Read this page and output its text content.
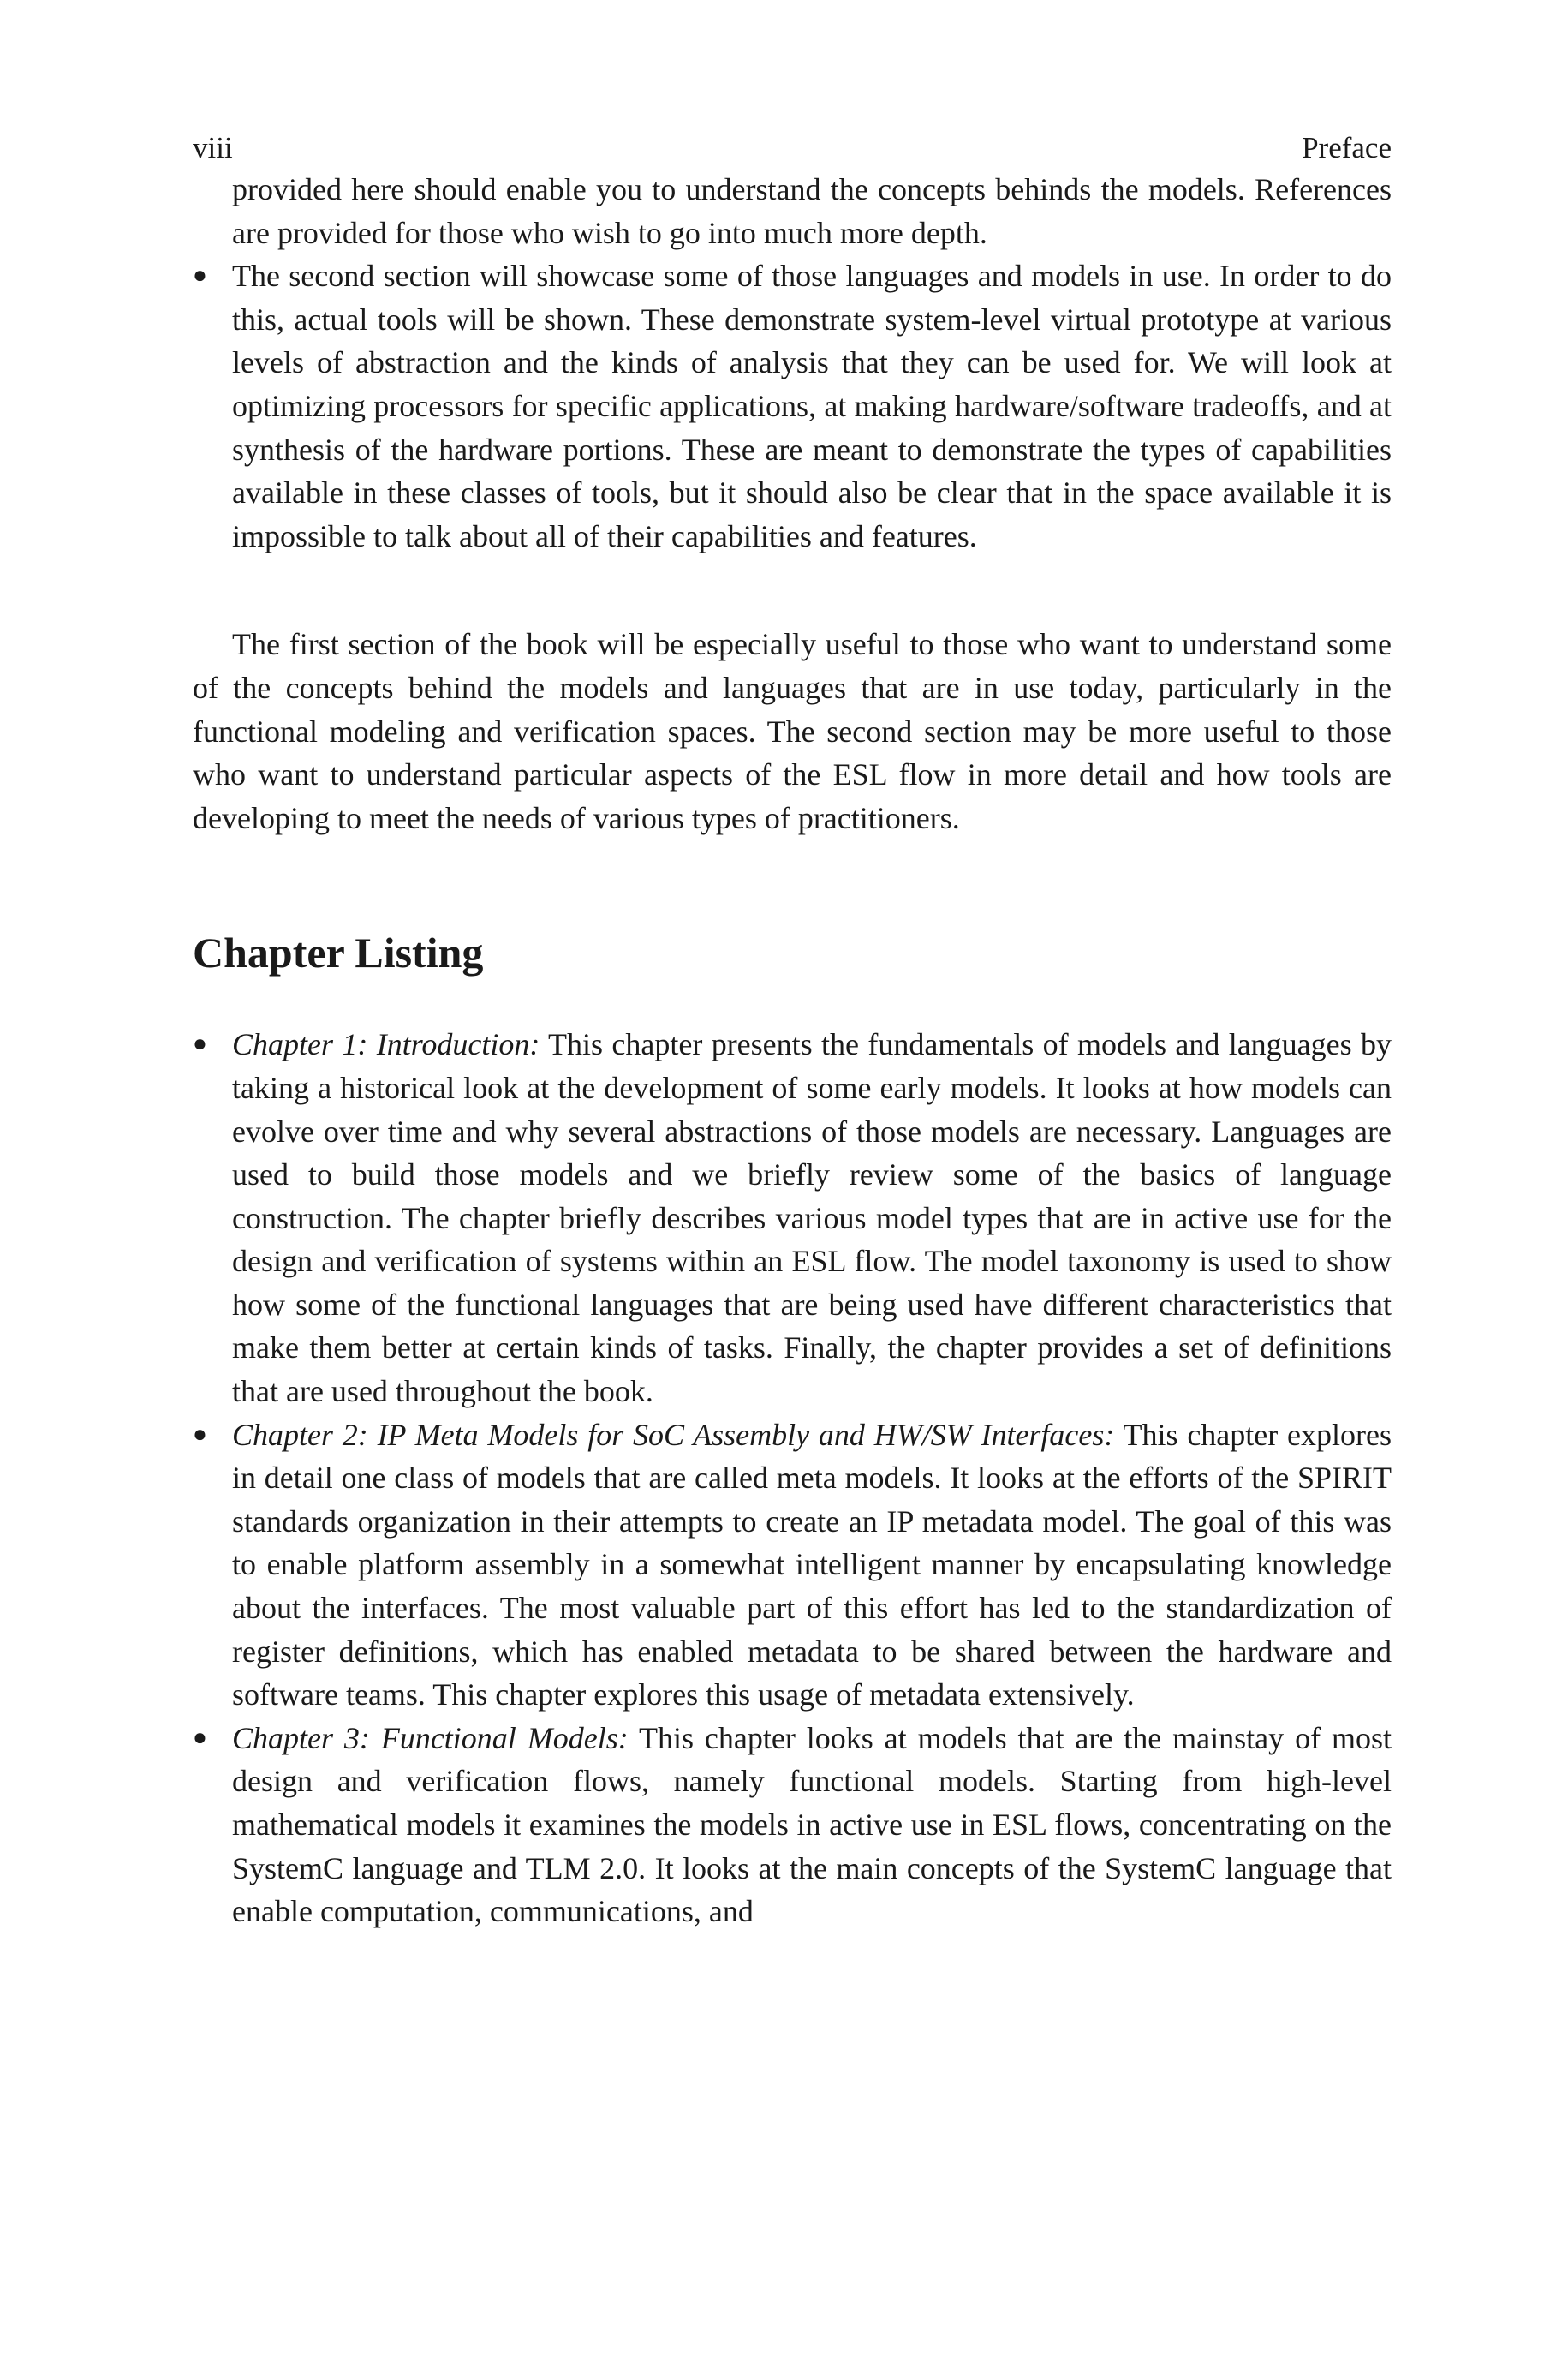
viii	Preface

provided here should enable you to understand the concepts behinds the models. References are provided for those who wish to go into much more depth.

● The second section will showcase some of those languages and models in use. In order to do this, actual tools will be shown. These demonstrate system-level virtual prototype at various levels of abstraction and the kinds of analysis that they can be used for. We will look at optimizing processors for specific applications, at making hardware/software tradeoffs, and at synthesis of the hardware portions. These are meant to demonstrate the types of capabilities available in these classes of tools, but it should also be clear that in the space available it is impossible to talk about all of their capabilities and features.

The first section of the book will be especially useful to those who want to understand some of the concepts behind the models and languages that are in use today, particularly in the functional modeling and verification spaces. The second section may be more useful to those who want to understand particular aspects of the ESL flow in more detail and how tools are developing to meet the needs of various types of practitioners.

Chapter Listing
● Chapter 1: Introduction: This chapter presents the fundamentals of models and languages by taking a historical look at the development of some early models. It looks at how models can evolve over time and why several abstractions of those models are necessary. Languages are used to build those models and we briefly review some of the basics of language construction. The chapter briefly describes various model types that are in active use for the design and verification of systems within an ESL flow. The model taxonomy is used to show how some of the functional languages that are being used have different characteristics that make them better at certain kinds of tasks. Finally, the chapter provides a set of definitions that are used throughout the book.
● Chapter 2: IP Meta Models for SoC Assembly and HW/SW Interfaces: This chapter explores in detail one class of models that are called meta models. It looks at the efforts of the SPIRIT standards organization in their attempts to create an IP metadata model. The goal of this was to enable platform assembly in a somewhat intelligent manner by encapsulating knowledge about the interfaces. The most valuable part of this effort has led to the standardization of register definitions, which has enabled metadata to be shared between the hardware and software teams. This chapter explores this usage of metadata extensively.
● Chapter 3: Functional Models: This chapter looks at models that are the mainstay of most design and verification flows, namely functional models. Starting from high-level mathematical models it examines the models in active use in ESL flows, concentrating on the SystemC language and TLM 2.0. It looks at the main concepts of the SystemC language that enable computation, communications, and
